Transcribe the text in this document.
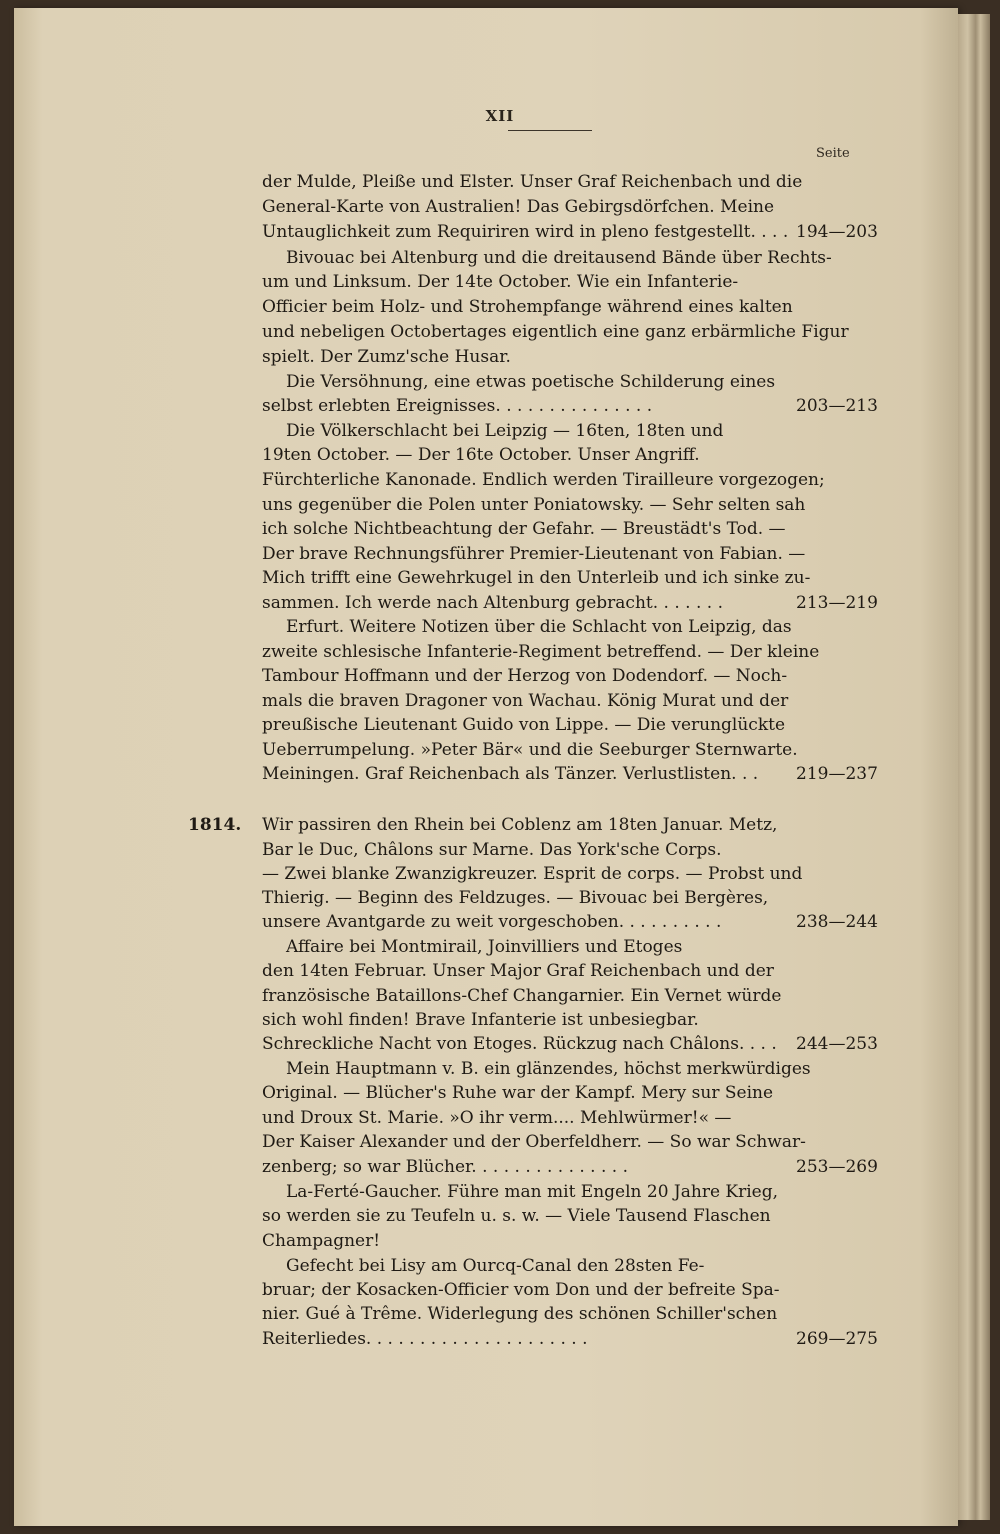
XII
Seite
der Mulde, Pleiße und Elster. Unser Graf Reichenbach und die
General-Karte von Australien! Das Gebirgsdörfchen. Meine
Untauglichkeit zum Requiriren wird in pleno festgestellt. . . . 194—203
Bivouac bei Altenburg und die dreitausend Bände über Rechts-
um und Linksum. Der 14te October. Wie ein Infanterie-
Officier beim Holz- und Strohempfange während eines kalten
und nebeligen Octobertages eigentlich eine ganz erbärmliche Figur
spielt. Der Zumz'sche Husar.
Die Versöhnung, eine etwas poetische Schilderung eines
selbst erlebten Ereignisses. . . . . . . . . . . . . . .	203—213
Die Völkerschlacht bei Leipzig — 16ten, 18ten und
19ten October. — Der 16te October. Unser Angriff.
Fürchterliche Kanonade. Endlich werden Tirailleure vorgezogen;
uns gegenüber die Polen unter Poniatowsky. — Sehr selten sah
ich solche Nichtbeachtung der Gefahr. — Breustädt's Tod. —
Der brave Rechnungsführer Premier-Lieutenant von Fabian. —
Mich trifft eine Gewehrkugel in den Unterleib und ich sinke zu-
sammen. Ich werde nach Altenburg gebracht. . . . . . .	213—219
Erfurt. Weitere Notizen über die Schlacht von Leipzig, das
zweite schlesische Infanterie-Regiment betreffend. — Der kleine
Tambour Hoffmann und der Herzog von Dodendorf. — Noch-
mals die braven Dragoner von Wachau. König Murat und der
preußische Lieutenant Guido von Lippe. — Die verunglückte
Ueberrumpelung. »Peter Bär« und die Seeburger Sternwarte.
Meiningen. Graf Reichenbach als Tänzer. Verlustlisten. . .	219—237
1814.	Wir passiren den Rhein bei Coblenz am 18ten Januar. Metz,
Bar le Duc, Châlons sur Marne. Das York'sche Corps.
— Zwei blanke Zwanzigkreuzer. Esprit de corps. — Probst und
Thierig. — Beginn des Feldzuges. — Bivouac bei Bergères,
unsere Avantgarde zu weit vorgeschoben. . . . . . . . . .	238—244
Affaire bei Montmirail, Joinvilliers und Etoges
den 14ten Februar. Unser Major Graf Reichenbach und der
französische Bataillons-Chef Changarnier. Ein Vernet würde
sich wohl finden! Brave Infanterie ist unbesiegbar.
Schreckliche Nacht von Etoges. Rückzug nach Châlons. . . .	244—253
Mein Hauptmann v. B. ein glänzendes, höchst merkwürdiges
Original. — Blücher's Ruhe war der Kampf. Mery sur Seine
und Droux St. Marie. »O ihr verm.... Mehlwürmer!« —
Der Kaiser Alexander und der Oberfeldherr. — So war Schwar-
zenberg; so war Blücher. . . . . . . . . . . . . . .	253—269
La-Ferté-Gaucher. Führe man mit Engeln 20 Jahre Krieg,
so werden sie zu Teufeln u. s. w. — Viele Tausend Flaschen
Champagner!
Gefecht bei Lisy am Ourcq-Canal den 28sten Fe-
bruar; der Kosacken-Officier vom Don und der befreite Spa-
nier. Gué à Trême. Widerlegung des schönen Schiller'schen
Reiterliedes. . . . . . . . . . . . . . . . . . . . .	269—275
